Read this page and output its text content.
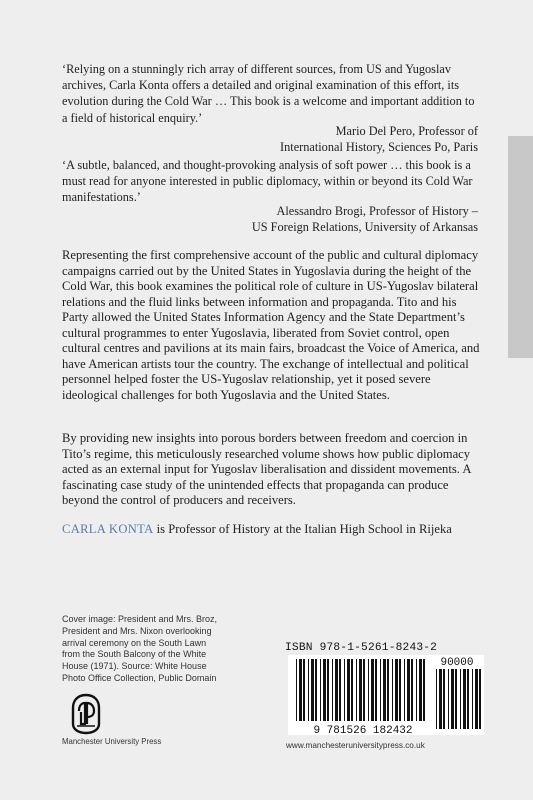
‘Relying on a stunningly rich array of different sources, from US and Yugoslav archives, Carla Konta offers a detailed and original examination of this effort, its evolution during the Cold War … This book is a welcome and important addition to a field of historical enquiry.’
Mario Del Pero, Professor of
International History, Sciences Po, Paris
‘A subtle, balanced, and thought-provoking analysis of soft power … this book is a must read for anyone interested in public diplomacy, within or beyond its Cold War manifestations.’
Alessandro Brogi, Professor of History –
US Foreign Relations, University of Arkansas
Representing the first comprehensive account of the public and cultural diplomacy campaigns carried out by the United States in Yugoslavia during the height of the Cold War, this book examines the political role of culture in US-Yugoslav bilateral relations and the fluid links between information and propaganda. Tito and his Party allowed the United States Information Agency and the State Department’s cultural programmes to enter Yugoslavia, liberated from Soviet control, open cultural centres and pavilions at its main fairs, broadcast the Voice of America, and have American artists tour the country. The exchange of intellectual and political personnel helped foster the US-Yugoslav relationship, yet it posed severe ideological challenges for both Yugoslavia and the United States.
By providing new insights into porous borders between freedom and coercion in Tito’s regime, this meticulously researched volume shows how public diplomacy acted as an external input for Yugoslav liberalisation and dissident movements. A fascinating case study of the unintended effects that propaganda can produce beyond the control of producers and receivers.
CARLA KONTA is Professor of History at the Italian High School in Rijeka
Cover image: President and Mrs. Broz, President and Mrs. Nixon overlooking arrival ceremony on the South Lawn from the South Balcony of the White House (1971). Source: White House Photo Office Collection, Public Domain
Manchester University Press
ISBN 978-1-5261-8243-2
9 781526 182432
90000
www.manchesteruniversitypress.co.uk
